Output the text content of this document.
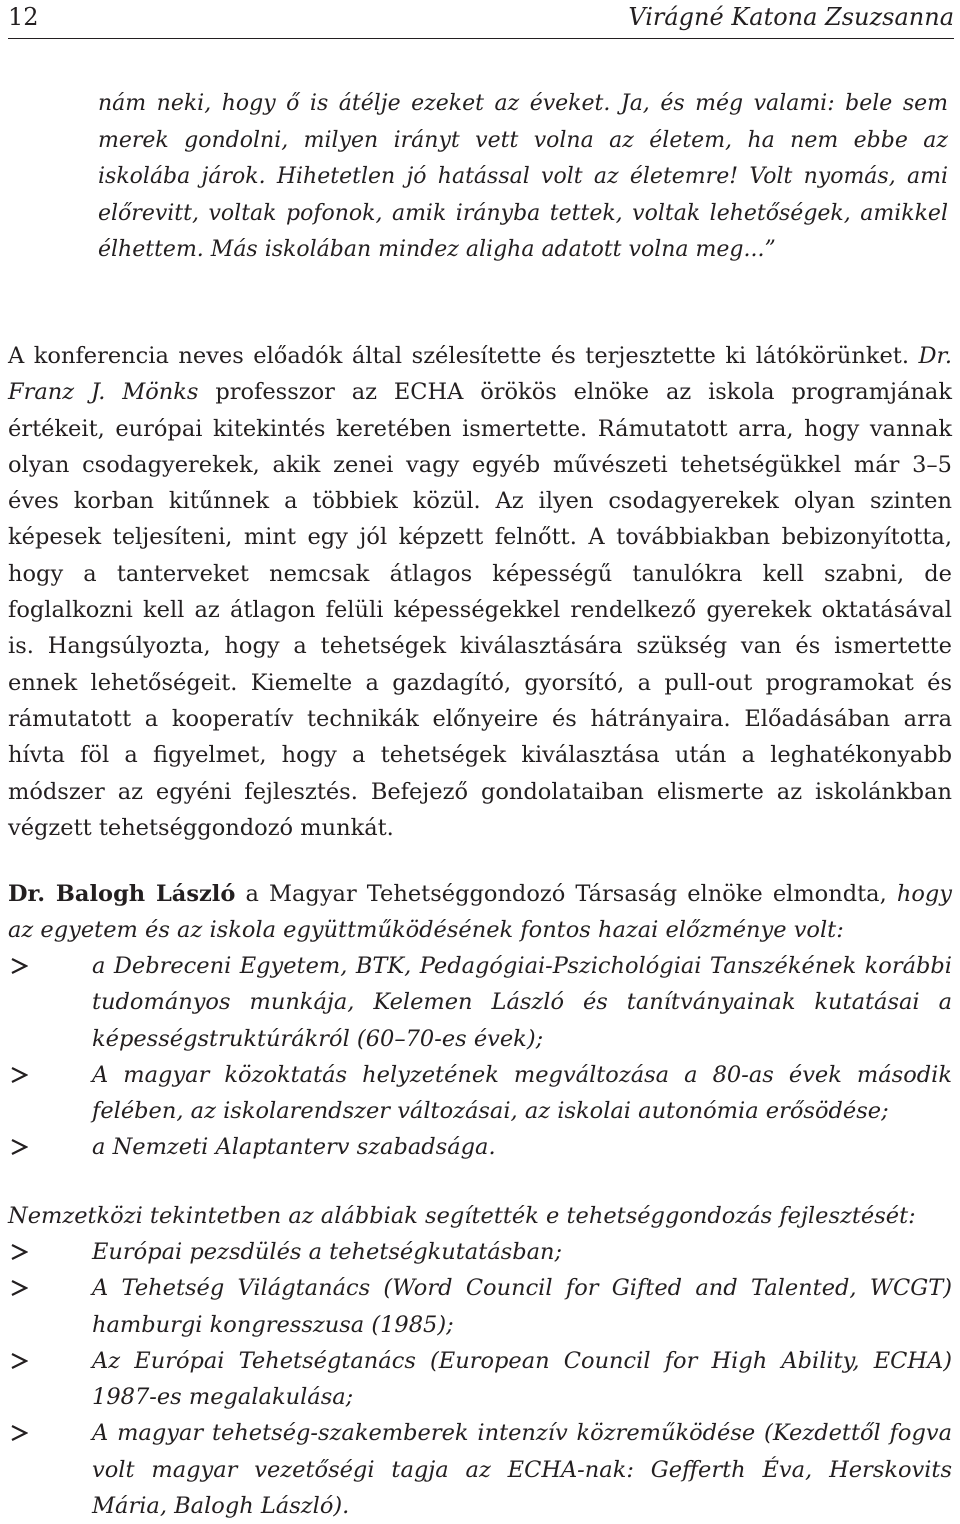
12	Virágné Katona Zsuzsanna

nám neki, hogy ő is átélje ezeket az éveket. Ja, és még valami: bele sem merek gondolni, milyen irányt vett volna az életem, ha nem ebbe az iskolába járok. Hihetetlen jó hatással volt az életemre! Volt nyomás, ami előrevitt, voltak pofonok, amik irányba tettek, voltak lehetőségek, amikkel élhettem. Más iskolában mindez aligha adatott volna meg...”

A konferencia neves előadók által szélesítette és terjesztette ki látókörünket. Dr. Franz J. Mönks professzor az ECHA örökös elnöke az iskola programjának értékeit, európai kitekintés keretében ismertette. Rámutatott arra, hogy vannak olyan csodagyerekek, akik zenei vagy egyéb művészeti tehetségükkel már 3–5 éves korban kitűnnek a többiek közül. Az ilyen csodagyerekek olyan szinten képesek teljesíteni, mint egy jól képzett felnőtt. A továbbiakban bebizonyította, hogy a tanterveket nemcsak átlagos képességű tanulókra kell szabni, de foglalkozni kell az átlagon felüli képességekkel rendelkező gyerekek oktatásával is. Hangsúlyozta, hogy a tehetségek kiválasztására szükség van és ismertette ennek lehetőségeit. Kiemelte a gazdagító, gyorsító, a pull-out programokat és rámutatott a kooperatív technikák előnyeire és hátrányaira. Előadásában arra hívta föl a figyelmet, hogy a tehetségek kiválasztása után a leghatékonyabb módszer az egyéni fejlesztés. Befejező gondolataiban elismerte az iskolánkban végzett tehetséggondozó munkát.

Dr. Balogh László a Magyar Tehetséggondozó Társaság elnöke elmondta, hogy az egyetem és az iskola együttműködésének fontos hazai előzménye volt:

a Debreceni Egyetem, BTK, Pedagógiai-Pszichológiai Tanszékének korábbi tudományos munkája, Kelemen László és tanítványainak kutatásai a képességstruktúrákról (60–70-es évek);
A magyar közoktatás helyzetének megváltozása a 80-as évek második felében, az iskolarendszer változásai, az iskolai autonómia erősödése;
a Nemzeti Alaptanterv szabadsága.

Nemzetközi tekintetben az alábbiak segítették e tehetséggondozás fejlesztését:

Európai pezsdülés a tehetségkutatásban;
A Tehetség Világtanács (Word Council for Gifted and Talented, WCGT) hamburgi kongresszusa (1985);
Az Európai Tehetségtanács (European Council for High Ability, ECHA) 1987-es megalakulása;
A magyar tehetség-szakemberek intenzív közreműködése (Kezdettől fogva volt magyar vezetőségi tagja az ECHA-nak: Gefferth Éva, Herskovits Mária, Balogh László).
